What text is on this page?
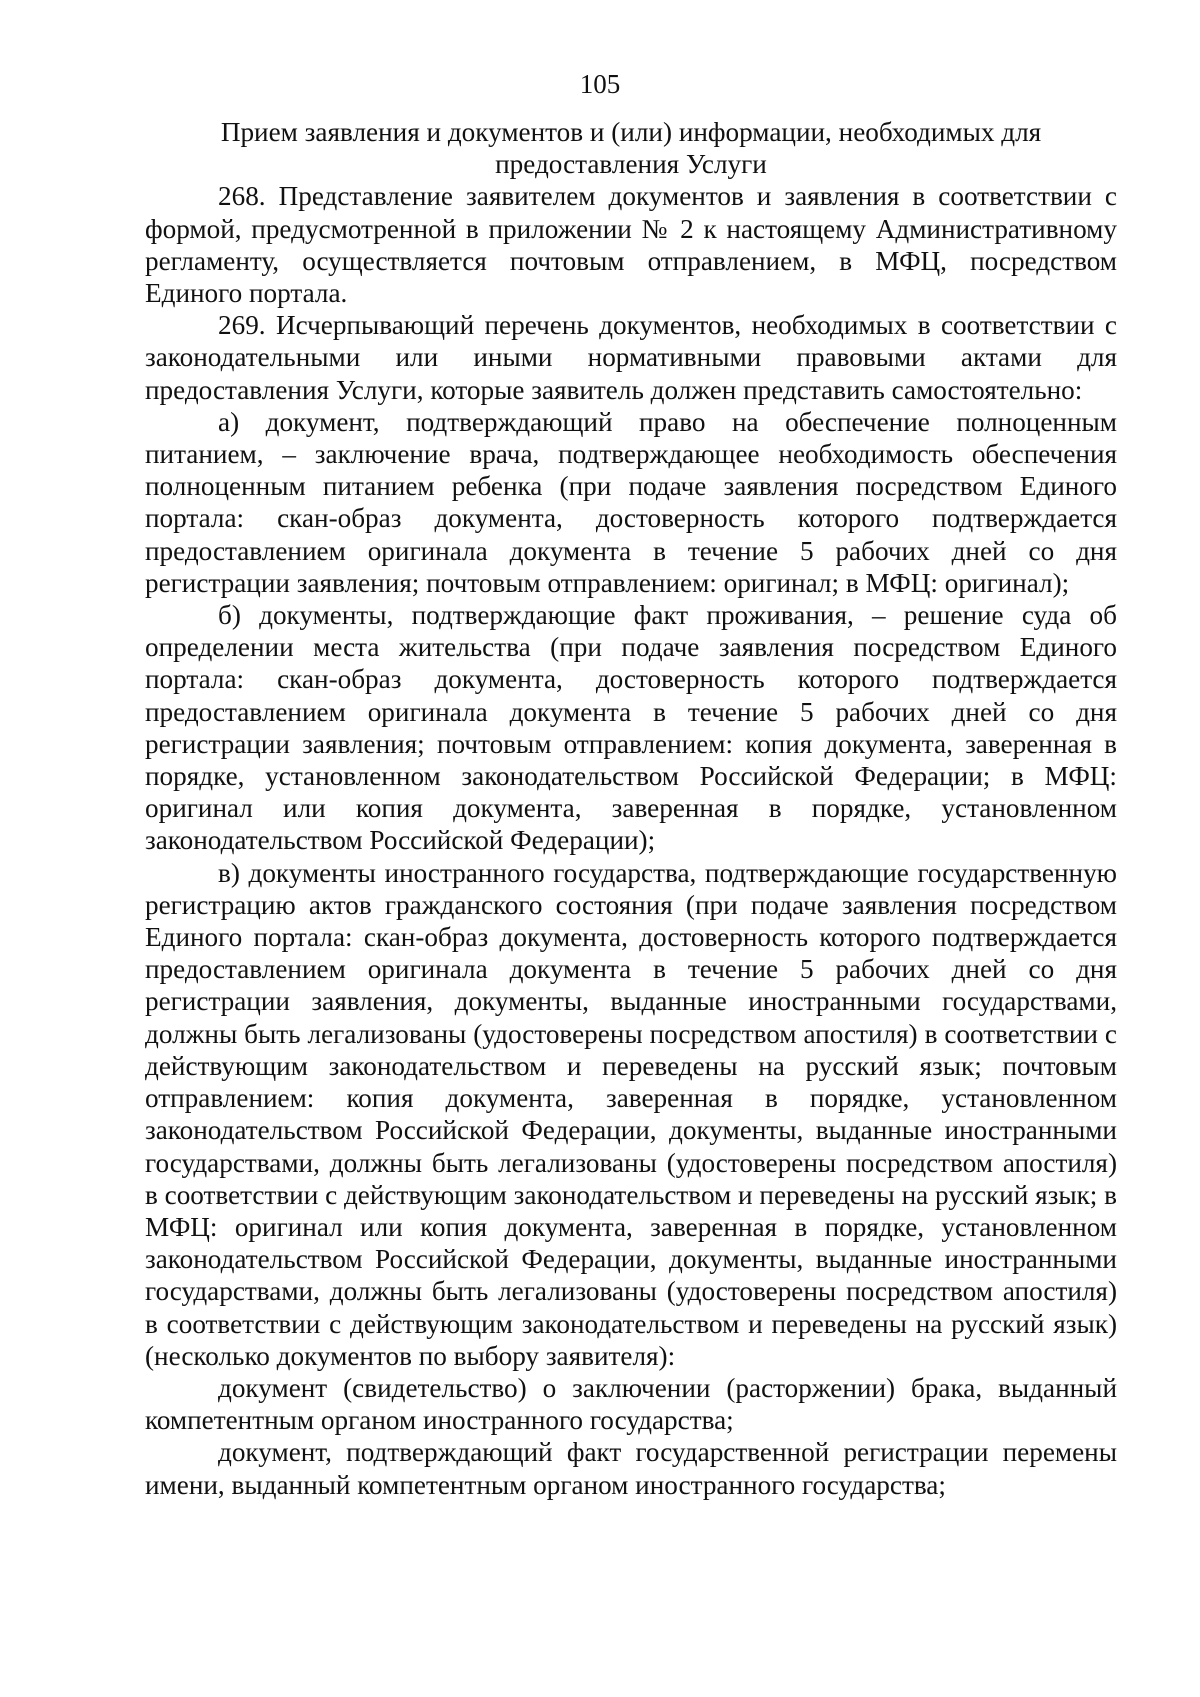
105

Прием заявления и документов и (или) информации, необходимых для предоставления Услуги

268. Представление заявителем документов и заявления в соответствии с формой, предусмотренной в приложении № 2 к настоящему Административному регламенту, осуществляется почтовым отправлением, в МФЦ, посредством Единого портала.

269. Исчерпывающий перечень документов, необходимых в соответствии с законодательными или иными нормативными правовыми актами для предоставления Услуги, которые заявитель должен представить самостоятельно:

а) документ, подтверждающий право на обеспечение полноценным питанием, – заключение врача, подтверждающее необходимость обеспечения полноценным питанием ребенка (при подаче заявления посредством Единого портала: скан-образ документа, достоверность которого подтверждается предоставлением оригинала документа в течение 5 рабочих дней со дня регистрации заявления; почтовым отправлением: оригинал; в МФЦ: оригинал);

б) документы, подтверждающие факт проживания, – решение суда об определении места жительства (при подаче заявления посредством Единого портала: скан-образ документа, достоверность которого подтверждается предоставлением оригинала документа в течение 5 рабочих дней со дня регистрации заявления; почтовым отправлением: копия документа, заверенная в порядке, установленном законодательством Российской Федерации; в МФЦ: оригинал или копия документа, заверенная в порядке, установленном законодательством Российской Федерации);

в) документы иностранного государства, подтверждающие государственную регистрацию актов гражданского состояния (при подаче заявления посредством Единого портала: скан-образ документа, достоверность которого подтверждается предоставлением оригинала документа в течение 5 рабочих дней со дня регистрации заявления, документы, выданные иностранными государствами, должны быть легализованы (удостоверены посредством апостиля) в соответствии с действующим законодательством и переведены на русский язык; почтовым отправлением: копия документа, заверенная в порядке, установленном законодательством Российской Федерации, документы, выданные иностранными государствами, должны быть легализованы (удостоверены посредством апостиля) в соответствии с действующим законодательством и переведены на русский язык; в МФЦ: оригинал или копия документа, заверенная в порядке, установленном законодательством Российской Федерации, документы, выданные иностранными государствами, должны быть легализованы (удостоверены посредством апостиля) в соответствии с действующим законодательством и переведены на русский язык) (несколько документов по выбору заявителя):

документ (свидетельство) о заключении (расторжении) брака, выданный компетентным органом иностранного государства;

документ, подтверждающий факт государственной регистрации перемены имени, выданный компетентным органом иностранного государства;
